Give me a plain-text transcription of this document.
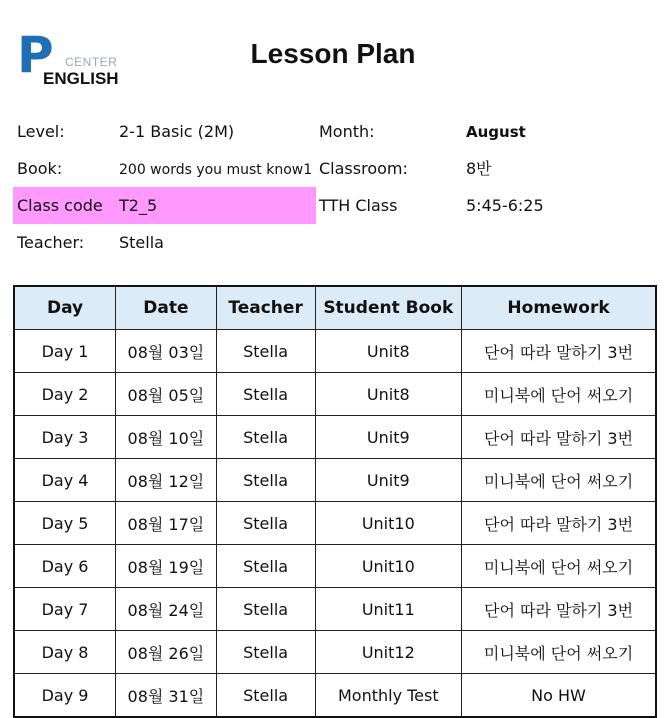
P CENTER
ENGLISH
Lesson Plan
Level:	2-1 Basic (2M)	Month:	August
Book:	200 words you must know1 Classroom:	8반
Class code T2_5	TTH Class	5:45-6:25
Teacher: Stella
Day	Date	Teacher	Student Book	Homework
Day 1	08월 03일	Stella	Unit8	단어 따라 말하기 3번
Day 2	08월 05일	Stella	Unit8	미니북에 단어 써오기
Day 3	08월 10일	Stella	Unit9	단어 따라 말하기 3번
Day 4	08월 12일	Stella	Unit9	미니북에 단어 써오기
Day 5	08월 17일	Stella	Unit10	단어 따라 말하기 3번
Day 6	08월 19일	Stella	Unit10	미니북에 단어 써오기
Day 7	08월 24일	Stella	Unit11	단어 따라 말하기 3번
Day 8	08월 26일	Stella	Unit12	미니북에 단어 써오기
Day 9	08월 31일	Stella	Monthly Test	No HW
